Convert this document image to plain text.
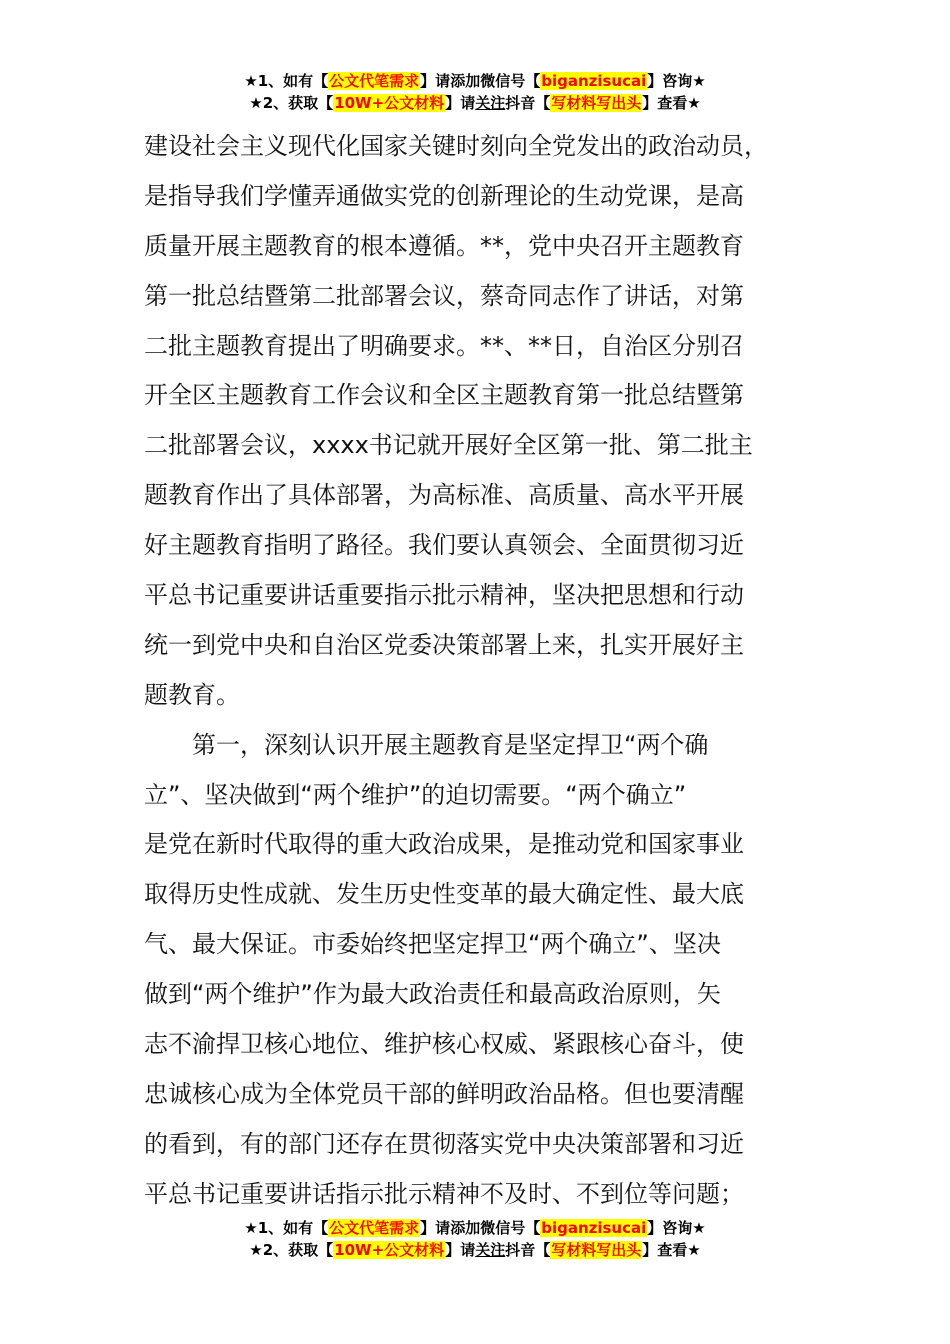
★1、如有【公文代笔需求】请添加微信号【biganzisucai】咨询★
★2、获取【10W+公文材料】请关注抖音【写材料写出头】查看★
建设社会主义现代化国家关键时刻向全党发出的政治动员，
是指导我们学懂弄通做实党的创新理论的生动党课，是高
质量开展主题教育的根本遵循。**，党中央召开主题教育
第一批总结暨第二批部署会议，蔡奇同志作了讲话，对第
二批主题教育提出了明确要求。**、**日，自治区分别召
开全区主题教育工作会议和全区主题教育第一批总结暨第
二批部署会议，xxxx书记就开展好全区第一批、第二批主
题教育作出了具体部署，为高标准、高质量、高水平开展
好主题教育指明了路径。我们要认真领会、全面贯彻习近
平总书记重要讲话重要指示批示精神，坚决把思想和行动
统一到党中央和自治区党委决策部署上来，扎实开展好主
题教育。
第一，深刻认识开展主题教育是坚定捍卫“两个确
立”、坚决做到“两个维护”的迫切需要。“两个确立”
是党在新时代取得的重大政治成果，是推动党和国家事业
取得历史性成就、发生历史性变革的最大确定性、最大底
气、最大保证。市委始终把坚定捍卫“两个确立”、坚决
做到“两个维护”作为最大政治责任和最高政治原则，矢
志不渝捍卫核心地位、维护核心权威、紧跟核心奋斗，使
忠诚核心成为全体党员干部的鲜明政治品格。但也要清醒
的看到，有的部门还存在贯彻落实党中央决策部署和习近
平总书记重要讲话指示批示精神不及时、不到位等问题；
★1、如有【公文代笔需求】请添加微信号【biganzisucai】咨询★
★2、获取【10W+公文材料】请关注抖音【写材料写出头】查看★
